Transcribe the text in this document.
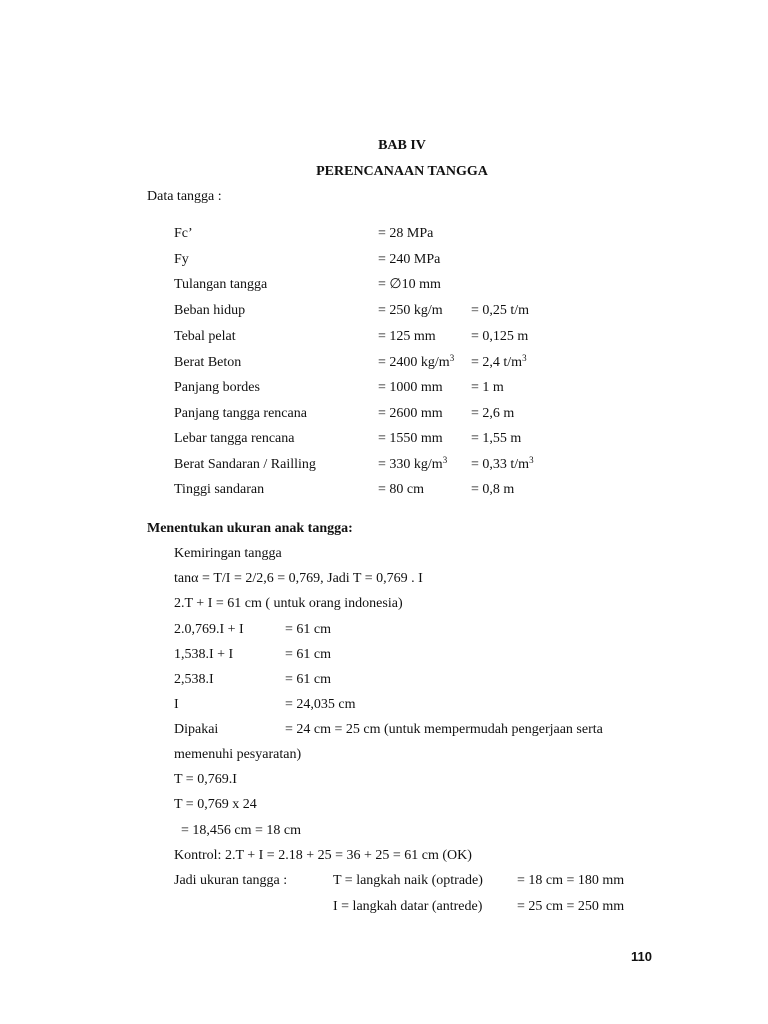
BAB IV
PERENCANAAN TANGGA
Data tangga :
Fc’	= 28 MPa
Fy	= 240 MPa
Tulangan tangga	= ∅10 mm
Beban hidup	= 250 kg/m = 0,25 t/m
Tebal pelat	= 125 mm	= 0,125 m
Berat Beton	= 2400 $kg/m^3 = 2,4$ $t/m^3$
Panjang bordes	= 1000 mm = 1 m
Panjang tangga rencana	= 2600 mm = 2,6 m
Lebar tangga rencana	= 1550 mm = 1,55 m
Berat Sandaran / Railling	= 330 $kg/m^3 = 0,33$ $t/m^3$
Tinggi sandaran	= 80 cm	= 0,8 m
Menentukan ukuran anak tangga:
Kemiringan tangga
tanα = T/I = 2/2,6 = 0,769, Jadi T = 0,769 . I
2.T + I = 61 cm ( untuk orang indonesia)
2.0,769.I + I	= 61 cm
1,538.I + I	= 61 cm
2,538.I	= 61 cm
I	= 24,035 cm
Dipakai	= 24 cm = 25 cm (untuk mempermudah pengerjaan serta
memenuhi pesyaratan)
T = 0,769.I
T = 0,769 x 24
= 18,456 cm = 18 cm
Kontrol: 2.T + I = 2.18 + 25 = 36 + 25 = 61 cm (OK)
Jadi ukuran tangga :	T = langkah naik (optrade) = 18 cm = 180 mm
I = langkah datar (antrede) = 25 cm = 250 mm
110
